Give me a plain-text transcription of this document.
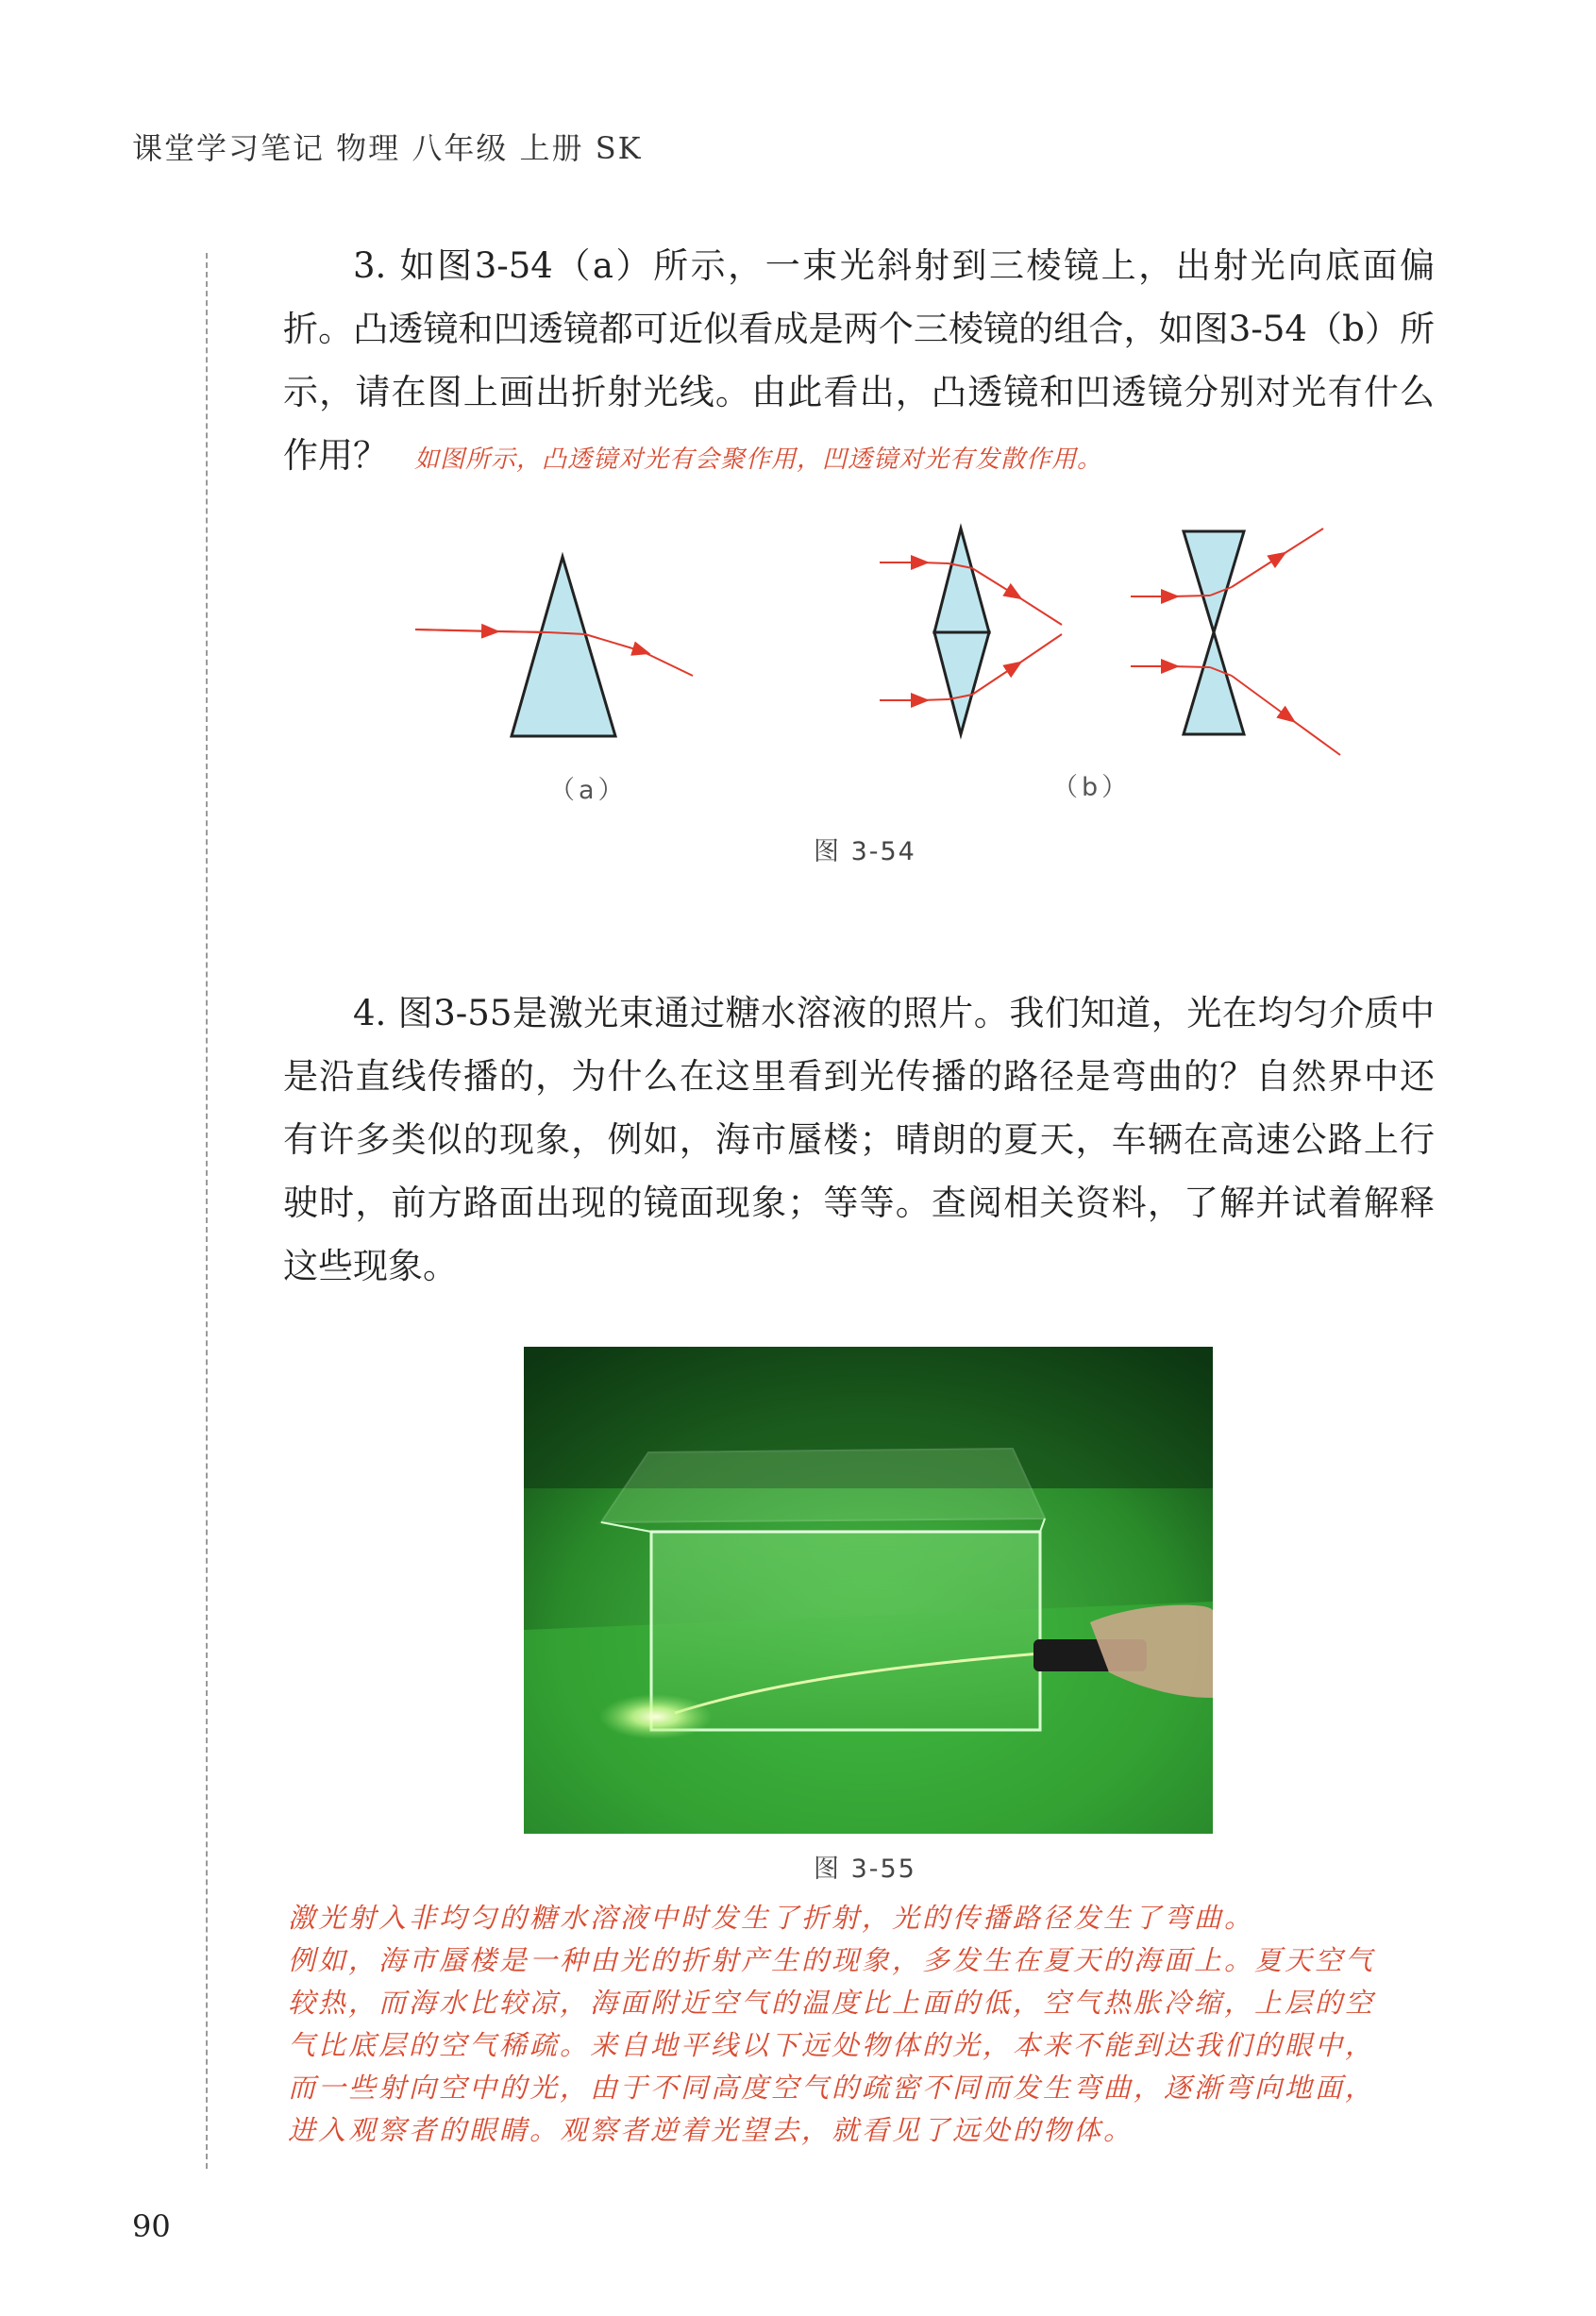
课堂学习笔记 物理 八年级 上册 SK
3. 如图3-54（a）所示，一束光斜射到三棱镜上，出射光向底面偏折。凸透镜和凹透镜都可近似看成是两个三棱镜的组合，如图3-54（b）所示，请在图上画出折射光线。由此看出，凸透镜和凹透镜分别对光有什么作用？ 如图所示，凸透镜对光有会聚作用，凹透镜对光有发散作用。
（a）	（b）
图 3-54
4. 图3-55是激光束通过糖水溶液的照片。我们知道，光在均匀介质中是沿直线传播的，为什么在这里看到光传播的路径是弯曲的？自然界中还有许多类似的现象，例如，海市蜃楼；晴朗的夏天，车辆在高速公路上行驶时，前方路面出现的镜面现象；等等。查阅相关资料，了解并试着解释这些现象。
图 3-55
激光射入非均匀的糖水溶液中时发生了折射，光的传播路径发生了弯曲。
例如，海市蜃楼是一种由光的折射产生的现象，多发生在夏天的海面上。夏天空气
较热，而海水比较凉，海面附近空气的温度比上面的低，空气热胀冷缩，上层的空
气比底层的空气稀疏。来自地平线以下远处物体的光，本来不能到达我们的眼中，
而一些射向空中的光，由于不同高度空气的疏密不同而发生弯曲，逐渐弯向地面，
进入观察者的眼睛。观察者逆着光望去，就看见了远处的物体。
90
